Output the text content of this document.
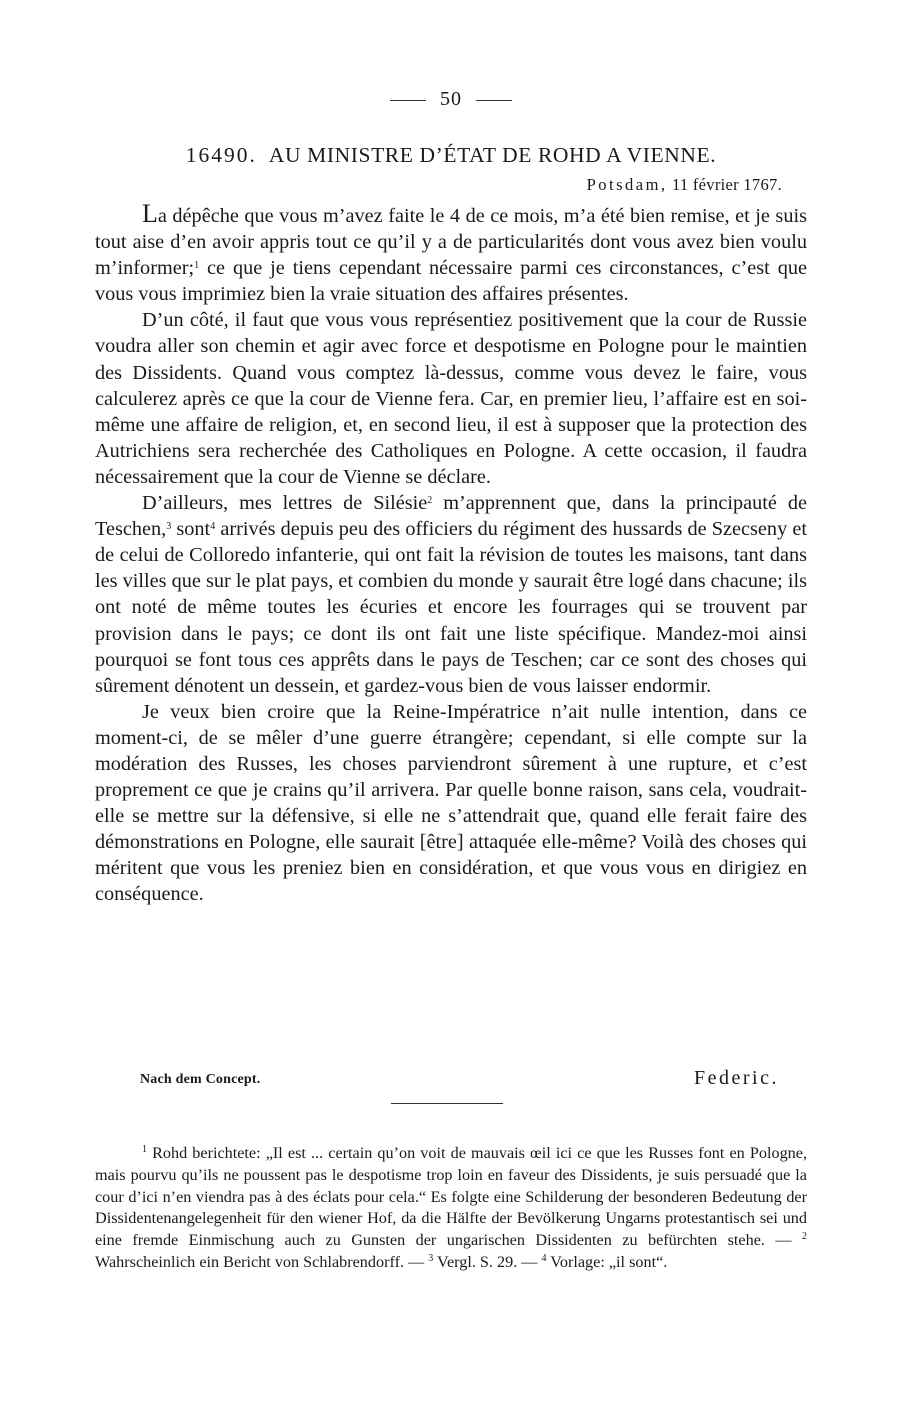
50
16490. AU MINISTRE D’ÉTAT DE ROHD A VIENNE.
Potsdam, 11 février 1767.

La dépêche que vous m’avez faite le 4 de ce mois, m’a été bien remise, et je suis tout aise d’en avoir appris tout ce qu’il y a de particularités dont vous avez bien voulu m’informer;$^1$ ce que je tiens cependant nécessaire parmi ces circonstances, c’est que vous vous imprimiez bien la vraie situation des affaires présentes.

D’un côté, il faut que vous vous représentiez positivement que la cour de Russie voudra aller son chemin et agir avec force et despotisme en Pologne pour le maintien des Dissidents. Quand vous comptez là-dessus, comme vous devez le faire, vous calculerez après ce que la cour de Vienne fera. Car, en premier lieu, l’affaire est en soi-même une affaire de religion, et, en second lieu, il est à supposer que la protection des Autrichiens sera recherchée des Catholiques en Pologne. A cette occasion, il faudra nécessairement que la cour de Vienne se déclare.

D’ailleurs, mes lettres de Silésie$^2$ m’apprennent que, dans la principauté de Teschen,$^3$ sont$^4$ arrivés depuis peu des officiers du régiment des hussards de Szecseny et de celui de Colloredo infanterie, qui ont fait la révision de toutes les maisons, tant dans les villes que sur le plat pays, et combien du monde y saurait être logé dans chacune; ils ont noté de même toutes les écuries et encore les fourrages qui se trouvent par provision dans le pays; ce dont ils ont fait une liste spécifique. Mandez-moi ainsi pourquoi se font tous ces apprêts dans le pays de Teschen; car ce sont des choses qui sûrement dénotent un dessein, et gardez-vous bien de vous laisser endormir.

Je veux bien croire que la Reine-Impératrice n’ait nulle intention, dans ce moment-ci, de se mêler d’une guerre étrangère; cependant, si elle compte sur la modération des Russes, les choses parviendront sûrement à une rupture, et c’est proprement ce que je crains qu’il arrivera. Par quelle bonne raison, sans cela, voudrait-elle se mettre sur la défensive, si elle ne s’attendrait que, quand elle ferait faire des démonstrations en Pologne, elle saurait [être] attaquée elle-même? Voilà des choses qui méritent que vous les preniez bien en considération, et que vous vous en dirigiez en conséquence.

Nach dem Concept.	Federic.

$^1$ Rohd berichtete: „Il est ... certain qu’on voit de mauvais œil ici ce que les Russes font en Pologne, mais pourvu qu’ils ne poussent pas le despotisme trop loin en faveur des Dissidents, je suis persuadé que la cour d’ici n’en viendra pas à des éclats pour cela.“ Es folgte eine Schilderung der besonderen Bedeutung der Dissidentenangelegenheit für den wiener Hof, da die Hälfte der Bevölkerung Ungarns protestantisch sei und eine fremde Einmischung auch zu Gunsten der ungarischen Dissidenten zu befürchten stehe. — $^2$ Wahrscheinlich ein Bericht von Schlabrendorff. — $^3$ Vergl. S. 29. — $^4$ Vorlage: „il sont“.
